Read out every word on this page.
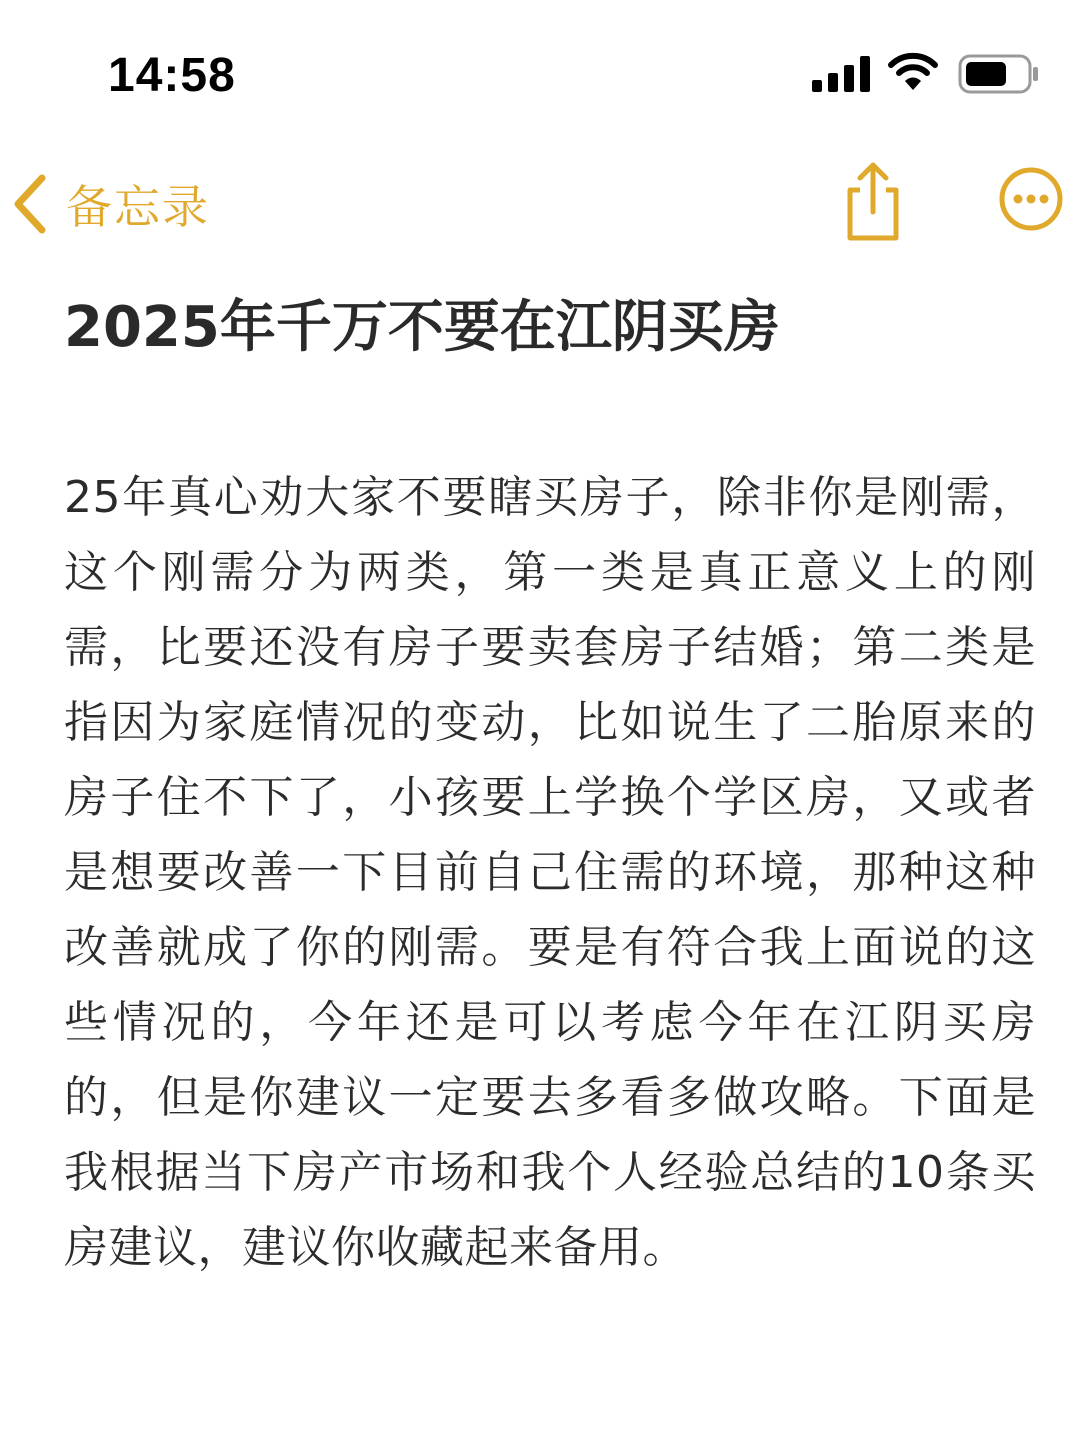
14:58
备忘录
2025年千万不要在江阴买房
25年真心劝大家不要瞎买房子，除非你是刚需，这个刚需分为两类，第一类是真正意义上的刚需，比要还没有房子要卖套房子结婚；第二类是指因为家庭情况的变动，比如说生了二胎原来的房子住不下了，小孩要上学换个学区房，又或者是想要改善一下目前自己住需的环境，那种这种改善就成了你的刚需。要是有符合我上面说的这些情况的，今年还是可以考虑今年在江阴买房的，但是你建议一定要去多看多做攻略。下面是我根据当下房产市场和我个人经验总结的10条买房建议，建议你收藏起来备用。
